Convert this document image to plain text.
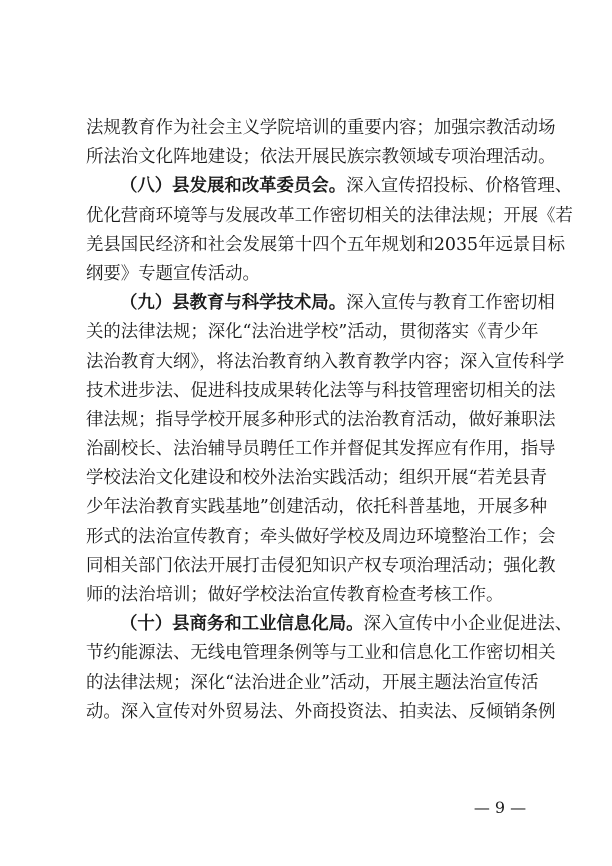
法规教育作为社会主义学院培训的重要内容；加强宗教活动场
所法治文化阵地建设；依法开展民族宗教领域专项治理活动。
（八）县发展和改革委员会。深入宣传招投标、价格管理、
优化营商环境等与发展改革工作密切相关的法律法规；开展《若
羌县国民经济和社会发展第十四个五年规划和2035年远景目标
纲要》专题宣传活动。
（九）县教育与科学技术局。深入宣传与教育工作密切相
关的法律法规；深化“法治进学校”活动，贯彻落实《青少年
法治教育大纲》，将法治教育纳入教育教学内容；深入宣传科学
技术进步法、促进科技成果转化法等与科技管理密切相关的法
律法规；指导学校开展多种形式的法治教育活动，做好兼职法
治副校长、法治辅导员聘任工作并督促其发挥应有作用，指导
学校法治文化建设和校外法治实践活动；组织开展“若羌县青
少年法治教育实践基地”创建活动，依托科普基地，开展多种
形式的法治宣传教育；牵头做好学校及周边环境整治工作；会
同相关部门依法开展打击侵犯知识产权专项治理活动；强化教
师的法治培训；做好学校法治宣传教育检查考核工作。
（十）县商务和工业信息化局。深入宣传中小企业促进法、
节约能源法、无线电管理条例等与工业和信息化工作密切相关
的法律法规；深化“法治进企业”活动，开展主题法治宣传活
动。深入宣传对外贸易法、外商投资法、拍卖法、反倾销条例
— 9 —
